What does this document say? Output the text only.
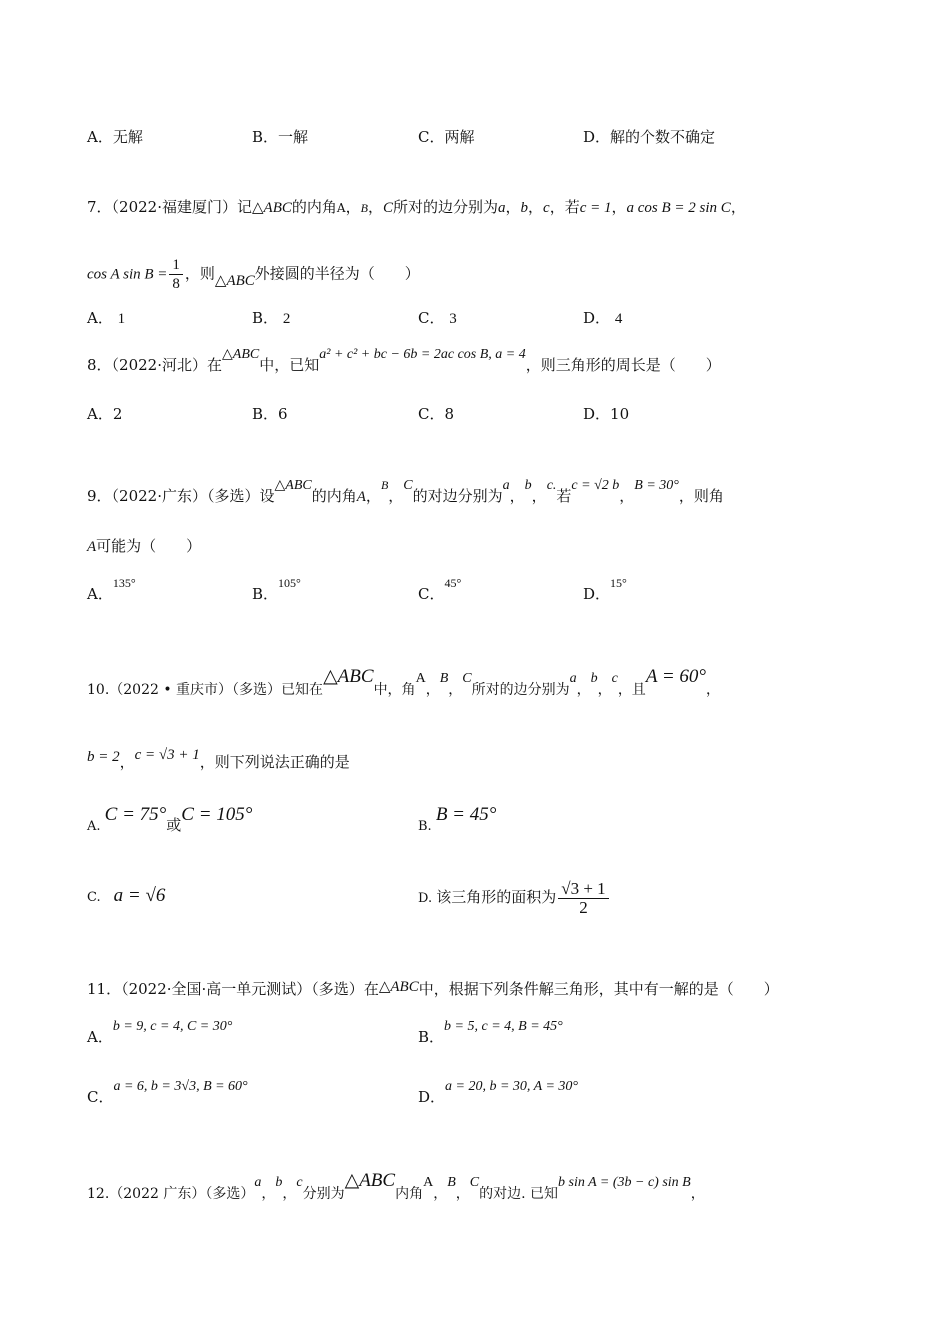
A．无解	B．一解	C．两解	D．解的个数不确定
7．（2022·福建厦门）记△ABC的内角A，B，C所对的边分别为a，b，c，若c = 1，a cos B = 2 sin C，
cos A $\sin B = \frac{1}{8}$ ，则△ABC外接圆的半径为（　　）
A． 1	B． 2	C． 3	D． 4
8．（2022·河北）在△ABC中，已知a² + c² + bc − 6b = 2ac cos B, a = 4，则三角形的周长是（　　）
A．2	B．6	C．8	D．10
9．（2022·广东）（多选）设△ABC的内角A，$^B$，C的对边分别为a，b，c.若c = √2 b，B = 30°，则角
A可能为（　　）
A．$^{135^\circ}$
B．$^{105^\circ}$
C．$^{45^\circ}$
D．$^{15^\circ}$
10.（2022 • 重庆市）（多选）已知在△ABC中，角A，B，C所对的边分别为a，b，c，且A = 60°，
b = 2，c = √3 + 1，则下列说法正确的是
A. C = 75°或C = 105°
B. B = 45°
C.　 a = √6	D. 该三角形的面积为 $\frac{√3 + 1}{2}$
11．（2022·全国·高一单元测试）（多选）在△ABC中，根据下列条件解三角形，其中有一解的是（　　）
A．b = 9, c = 4, C = 30°
B．b = 5, c = 4, B = 45°
C．a = 6, b = 3√3, B = 60°
D．a = 20, b = 30, A = 30°
12.（2022 广东）（多选）a，b，c分别为△ABC内角A，B，C的对边. 已知b sin A = (3b − c) sin B，
